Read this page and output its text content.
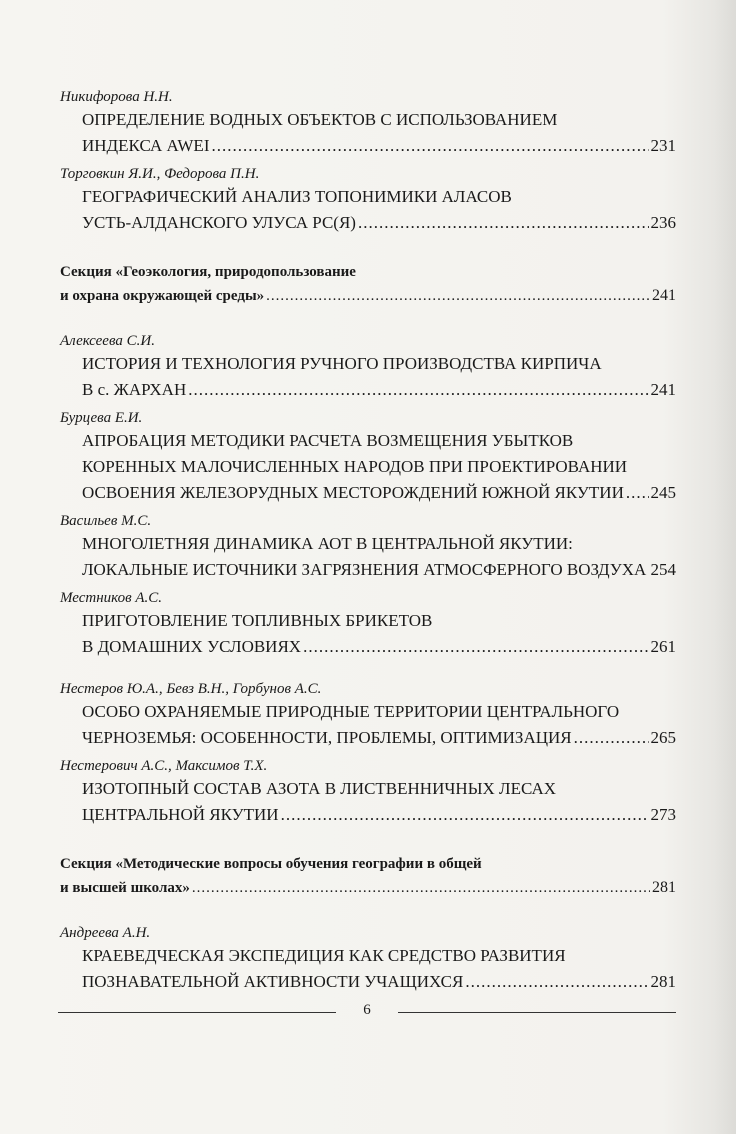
Никифорова Н.Н.
ОПРЕДЕЛЕНИЕ ВОДНЫХ ОБЪЕКТОВ С ИСПОЛЬЗОВАНИЕМ
ИНДЕКСА AWEI .....	231
Торговкин Я.И., Федорова П.Н.
ГЕОГРАФИЧЕСКИЙ АНАЛИЗ ТОПОНИМИКИ АЛАСОВ
УСТЬ-АЛДАНСКОГО УЛУСА РС(Я) .....	236
Секция «Геоэкология, природопользование
и охрана окружающей среды» .....	241
Алексеева С.И.
ИСТОРИЯ И ТЕХНОЛОГИЯ РУЧНОГО ПРОИЗВОДСТВА КИРПИЧА
В с. ЖАРХАН .....	241
Бурцева Е.И.
АПРОБАЦИЯ МЕТОДИКИ РАСЧЕТА ВОЗМЕЩЕНИЯ УБЫТКОВ
КОРЕННЫХ МАЛОЧИСЛЕННЫХ НАРОДОВ ПРИ ПРОЕКТИРОВАНИИ
ОСВОЕНИЯ ЖЕЛЕЗОРУДНЫХ МЕСТОРОЖДЕНИЙ ЮЖНОЙ ЯКУТИИ ..... 245
Васильев М.С.
МНОГОЛЕТНЯЯ ДИНАМИКА АОТ В ЦЕНТРАЛЬНОЙ ЯКУТИИ:
ЛОКАЛЬНЫЕ ИСТОЧНИКИ ЗАГРЯЗНЕНИЯ АТМОСФЕРНОГО ВОЗДУХА ..... 254
Местников А.С.
ПРИГОТОВЛЕНИЕ ТОПЛИВНЫХ БРИКЕТОВ
В ДОМАШНИХ УСЛОВИЯХ .....	261
Нестеров Ю.А., Бевз В.Н., Горбунов А.С.
ОСОБО ОХРАНЯЕМЫЕ ПРИРОДНЫЕ ТЕРРИТОРИИ ЦЕНТРАЛЬНОГО
ЧЕРНОЗЕМЬЯ: ОСОБЕННОСТИ, ПРОБЛЕМЫ, ОПТИМИЗАЦИЯ .....	265
Нестерович А.С., Максимов Т.Х.
ИЗОТОПНЫЙ СОСТАВ АЗОТА В ЛИСТВЕННИЧНЫХ ЛЕСАХ
ЦЕНТРАЛЬНОЙ ЯКУТИИ .....	273
Секция «Методические вопросы обучения географии в общей
и высшей школах» .....	281
Андреева А.Н.
КРАЕВЕДЧЕСКАЯ ЭКСПЕДИЦИЯ КАК СРЕДСТВО РАЗВИТИЯ
ПОЗНАВАТЕЛЬНОЙ АКТИВНОСТИ УЧАЩИХСЯ .....	281
6
